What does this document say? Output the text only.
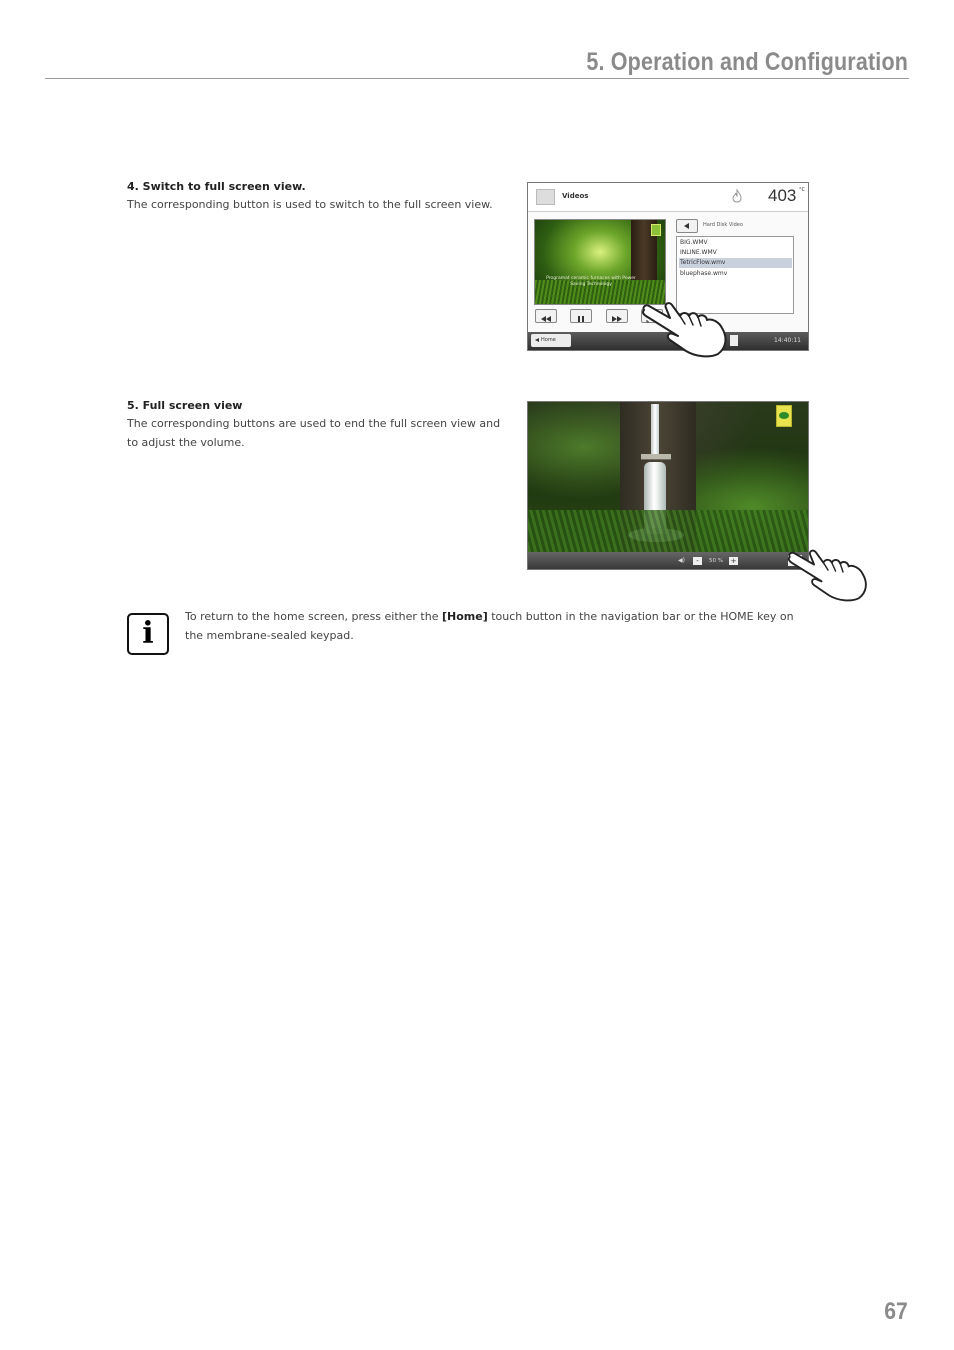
5. Operation and Configuration
4. Switch to full screen view.
The corresponding button is used to switch to the full screen view.
Videos	403 °C
Programat ceramic furnaces with Power Saving Technology
Hard Disk Video
BIG.WMV
INLINE.WMV
TetricFlow.wmv
bluephase.wmv
Home	14:40:11
5. Full screen view
The corresponding buttons are used to end the full screen view and to adjust the volume.
◀)	-	50 % +
i	To return to the home screen, press either the [Home] touch button in the navigation bar or the HOME key on the membrane-sealed keypad.
67
